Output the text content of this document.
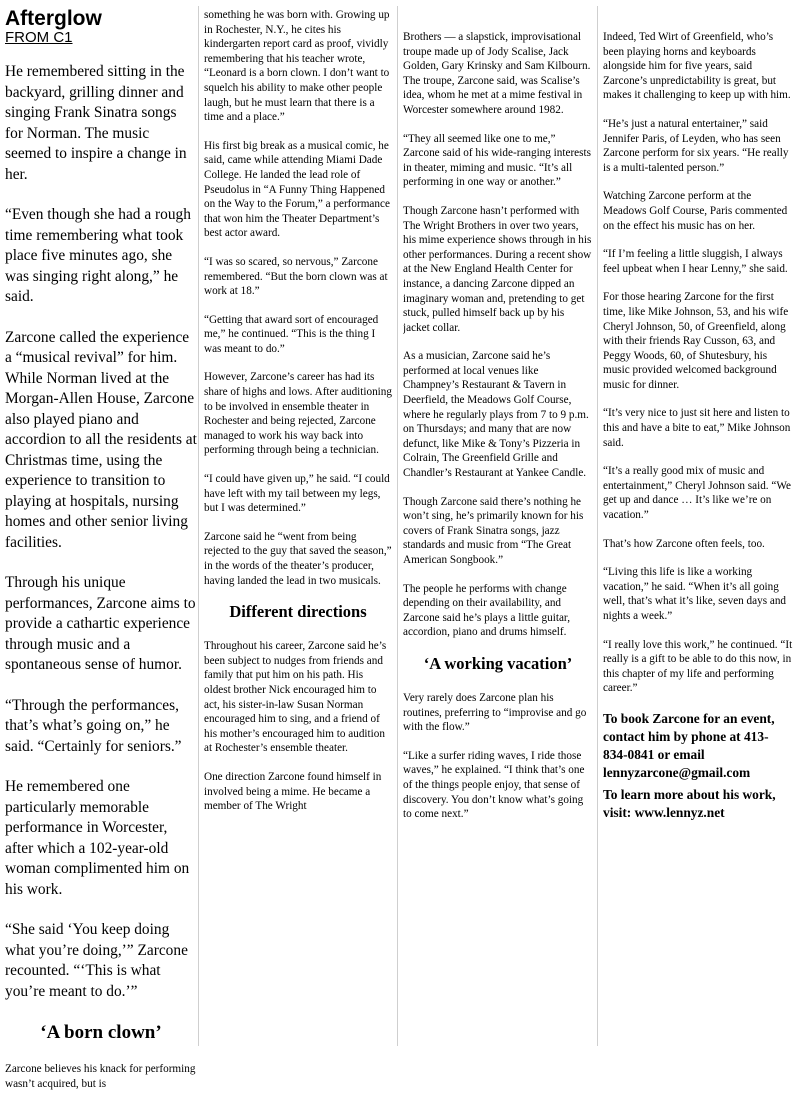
Afterglow
FROM C1

He remembered sitting in the backyard, grilling dinner and singing Frank Sinatra songs for Norman. The music seemed to inspire a change in her.

“Even though she had a rough time remembering what took place five minutes ago, she was singing right along,” he said.

Zarcone called the experience a “musical revival” for him. While Norman lived at the Morgan-Allen House, Zarcone also played piano and accordion to all the residents at Christmas time, using the experience to transition to playing at hospitals, nursing homes and other senior living facilities.

Through his unique performances, Zarcone aims to provide a cathartic experience through music and a spontaneous sense of humor.

“Through the performances, that’s what’s going on,” he said. “Certainly for seniors.”

He remembered one particularly memorable performance in Worcester, after which a 102-year-old woman complimented him on his work.

“She said ‘You keep doing what you’re doing,’” Zarcone recounted. “‘This is what you’re meant to do.’”

‘A born clown’

Zarcone believes his knack for performing wasn’t acquired, but is

something he was born with. Growing up in Rochester, N.Y., he cites his kindergarten report card as proof, vividly remembering that his teacher wrote, “Leonard is a born clown. I don’t want to squelch his ability to make other people laugh, but he must learn that there is a time and a place.”

His first big break as a musical comic, he said, came while attending Miami Dade College. He landed the lead role of Pseudolus in “A Funny Thing Happened on the Way to the Forum,” a performance that won him the Theater Department’s best actor award.

“I was so scared, so nervous,” Zarcone remembered. “But the born clown was at work at 18.”

“Getting that award sort of encouraged me,” he continued. “This is the thing I was meant to do.”

However, Zarcone’s career has had its share of highs and lows. After auditioning to be involved in ensemble theater in Rochester and being rejected, Zarcone managed to work his way back into performing through being a technician.

“I could have given up,” he said. “I could have left with my tail between my legs, but I was determined.”

Zarcone said he “went from being rejected to the guy that saved the season,” in the words of the theater’s producer, having landed the lead in two musicals.

Different directions

Throughout his career, Zarcone said he’s been subject to nudges from friends and family that put him on his path. His oldest brother Nick encouraged him to act, his sister-in-law Susan Norman encouraged him to sing, and a friend of his mother’s encouraged him to audition at Rochester’s ensemble theater.

One direction Zarcone found himself in involved being a mime. He became a member of The Wright

Brothers — a slapstick, improvisational troupe made up of Jody Scalise, Jack Golden, Gary Krinsky and Sam Kilbourn. The troupe, Zarcone said, was Scalise’s idea, whom he met at a mime festival in Worcester somewhere around 1982.

“They all seemed like one to me,” Zarcone said of his wide-ranging interests in theater, miming and music. “It’s all performing in one way or another.”

Though Zarcone hasn’t performed with The Wright Brothers in over two years, his mime experience shows through in his other performances. During a recent show at the New England Health Center for instance, a dancing Zarcone dipped an imaginary woman and, pretending to get stuck, pulled himself back up by his jacket collar.

As a musician, Zarcone said he’s performed at local venues like Champney’s Restaurant & Tavern in Deerfield, the Meadows Golf Course, where he regularly plays from 7 to 9 p.m. on Thursdays; and many that are now defunct, like Mike & Tony’s Pizzeria in Colrain, The Greenfield Grille and Chandler’s Restaurant at Yankee Candle.

Though Zarcone said there’s nothing he won’t sing, he’s primarily known for his covers of Frank Sinatra songs, jazz standards and music from “The Great American Songbook.”

The people he performs with change depending on their availability, and Zarcone said he’s plays a little guitar, accordion, piano and drums himself.

‘A working vacation’

Very rarely does Zarcone plan his routines, preferring to “improvise and go with the flow.”

“Like a surfer riding waves, I ride those waves,” he explained. “I think that’s one of the things people enjoy, that sense of discovery. You don’t know what’s going to come next.”

Indeed, Ted Wirt of Greenfield, who’s been playing horns and keyboards alongside him for five years, said Zarcone’s unpredictability is great, but makes it challenging to keep up with him.

“He’s just a natural entertainer,” said Jennifer Paris, of Leyden, who has seen Zarcone perform for six years. “He really is a multi-talented person.”

Watching Zarcone perform at the Meadows Golf Course, Paris commented on the effect his music has on her.

“If I’m feeling a little sluggish, I always feel upbeat when I hear Lenny,” she said.

For those hearing Zarcone for the first time, like Mike Johnson, 53, and his wife Cheryl Johnson, 50, of Greenfield, along with their friends Ray Cusson, 63, and Peggy Woods, 60, of Shutesbury, his music provided welcomed background music for dinner.

“It’s very nice to just sit here and listen to this and have a bite to eat,” Mike Johnson said.

“It’s a really good mix of music and entertainment,” Cheryl Johnson said. “We get up and dance … It’s like we’re on vacation.”

That’s how Zarcone often feels, too.

“Living this life is like a working vacation,” he said. “When it’s all going well, that’s what it’s like, seven days and nights a week.”

“I really love this work,” he continued. “It really is a gift to be able to do this now, in this chapter of my life and performing career.”

To book Zarcone for an event, contact him by phone at 413-834-0841 or email lennyzarcone@gmail.com

To learn more about his work, visit: www.lennyz.net
